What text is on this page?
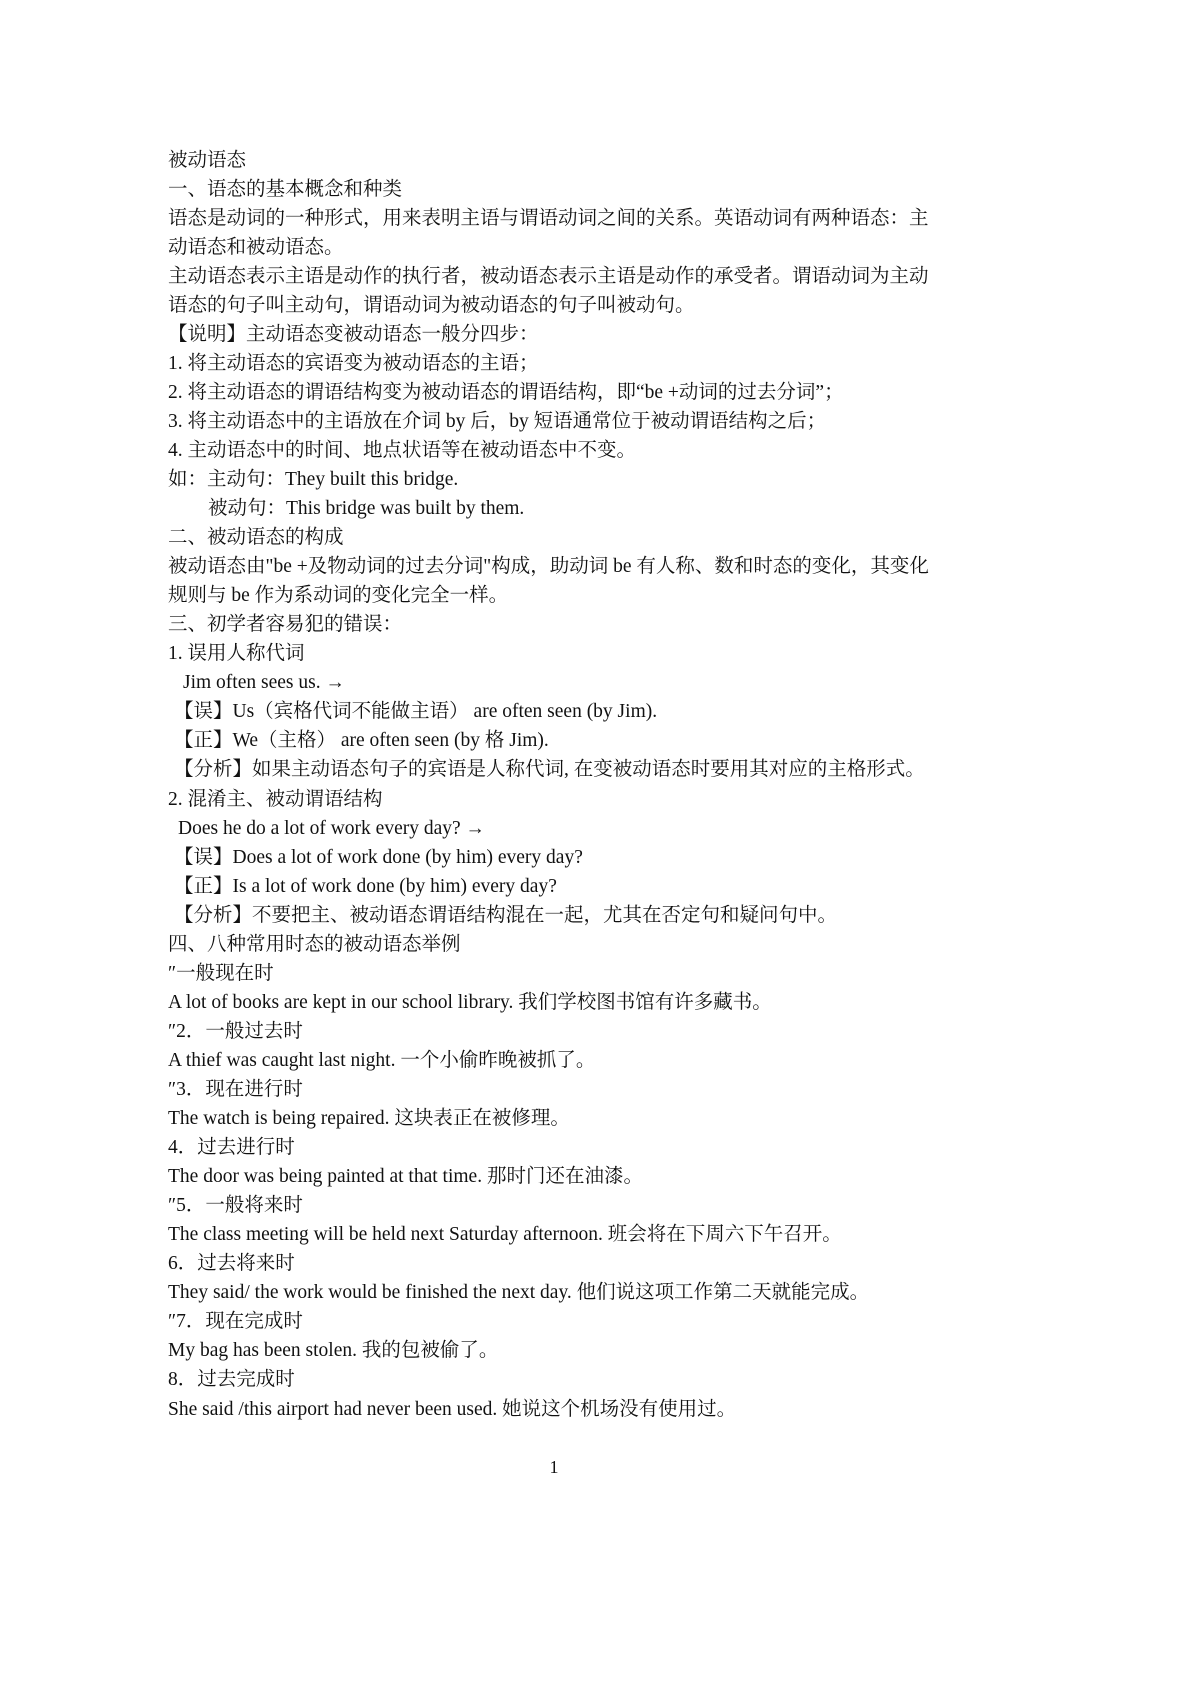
被动语态
一、语态的基本概念和种类
语态是动词的一种形式，用来表明主语与谓语动词之间的关系。英语动词有两种语态：主
动语态和被动语态。
主动语态表示主语是动作的执行者，被动语态表示主语是动作的承受者。谓语动词为主动
语态的句子叫主动句，谓语动词为被动语态的句子叫被动句。
【说明】主动语态变被动语态一般分四步：
1. 将主动语态的宾语变为被动语态的主语；
2. 将主动语态的谓语结构变为被动语态的谓语结构，即“be +动词的过去分词”；
3. 将主动语态中的主语放在介词 by 后，by 短语通常位于被动谓语结构之后；
4. 主动语态中的时间、地点状语等在被动语态中不变。
如：主动句：They built this bridge.
被动句：This bridge was built by them.
二、被动语态的构成
被动语态由"be +及物动词的过去分词"构成，助动词 be 有人称、数和时态的变化，其变化
规则与 be 作为系动词的变化完全一样。
三、初学者容易犯的错误：
1. 误用人称代词
Jim often sees us. →
【误】Us（宾格代词不能做主语） are often seen (by Jim).
【正】We（主格） are often seen (by 格 Jim).
【分析】如果主动语态句子的宾语是人称代词, 在变被动语态时要用其对应的主格形式。
2. 混淆主、被动谓语结构
Does he do a lot of work every day? →
【误】Does a lot of work done (by him) every day?
【正】Is a lot of work done (by him) every day?
【分析】不要把主、被动语态谓语结构混在一起，尤其在否定句和疑问句中。
四、八种常用时态的被动语态举例
″一般现在时
A lot of books are kept in our school library. 我们学校图书馆有许多藏书。
″2．一般过去时
A thief was caught last night. 一个小偷昨晚被抓了。
″3．现在进行时
The watch is being repaired. 这块表正在被修理。
4．过去进行时
The door was being painted at that time. 那时门还在油漆。
″5．一般将来时
The class meeting will be held next Saturday afternoon. 班会将在下周六下午召开。
6．过去将来时
They said/ the work would be finished the next day. 他们说这项工作第二天就能完成。
″7．现在完成时
My bag has been stolen. 我的包被偷了。
8．过去完成时
She said /this airport had never been used. 她说这个机场没有使用过。
1
